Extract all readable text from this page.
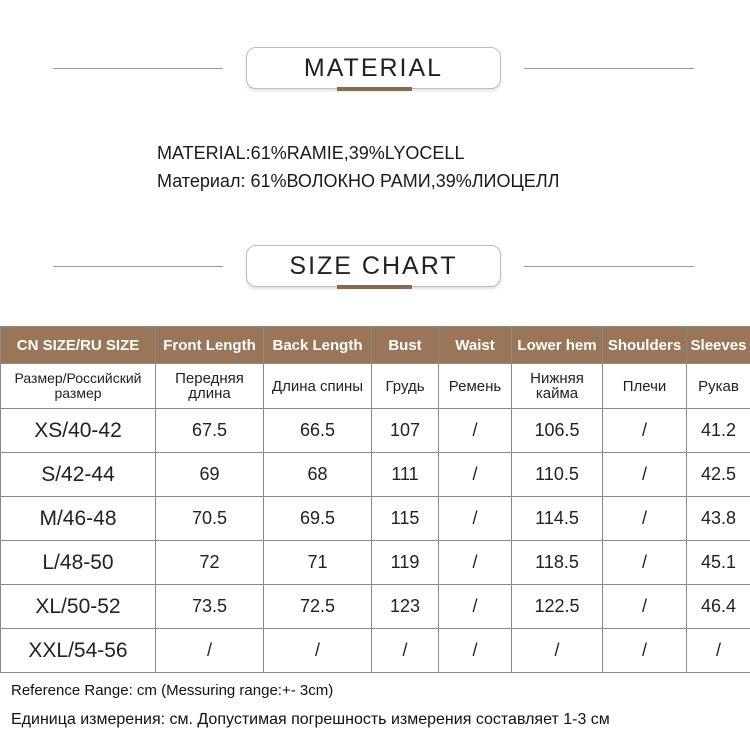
MATERIAL
MATERIAL:61%RAMIE,39%LYOCELL
Материал: 61%ВОЛОКНО РАМИ,39%ЛИОЦЕЛЛ
SIZE CHART
CN SIZE/RU SIZE	Front Length	Back Length	Bust	Waist	Lower hem	Shoulders	Sleeves
Размер/Российский размер	Передняя длина	Длина спины	Грудь	Ремень	Нижняя кайма	Плечи	Рукав
XS/40-42	67.5	66.5	107	/	106.5	/	41.2
S/42-44	69	68	111	/	110.5	/	42.5
M/46-48	70.5	69.5	115	/	114.5	/	43.8
L/48-50	72	71	119	/	118.5	/	45.1
XL/50-52	73.5	72.5	123	/	122.5	/	46.4
XXL/54-56	/	/	/	/	/	/	/
Reference Range: cm (Messuring range:+- 3cm)
Единица измерения: см. Допустимая погрешность измерения составляет 1-3 см
